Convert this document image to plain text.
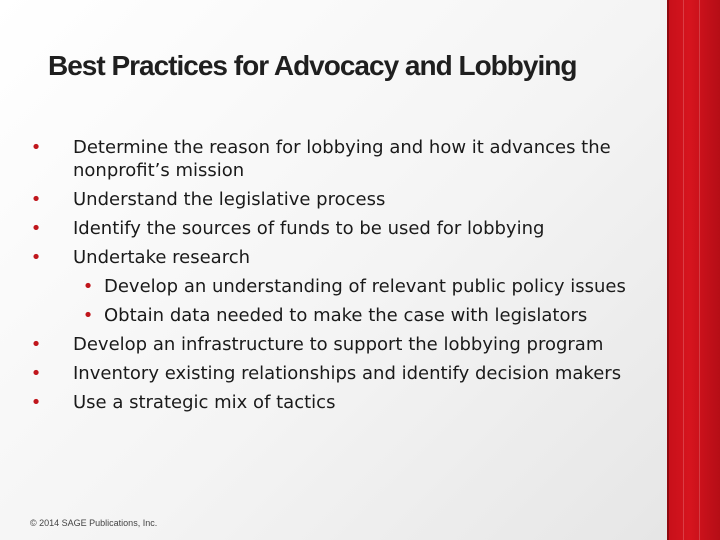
Best Practices for Advocacy and Lobbying
• Determine the reason for lobbying and how it advances the nonprofit’s mission
• Understand the legislative process
• Identify the sources of funds to be used for lobbying
• Undertake research
• Develop an understanding of relevant public policy issues
• Obtain data needed to make the case with legislators
• Develop an infrastructure to support the lobbying program
• Inventory existing relationships and identify decision makers
• Use a strategic mix of tactics
© 2014 SAGE Publications, Inc.
